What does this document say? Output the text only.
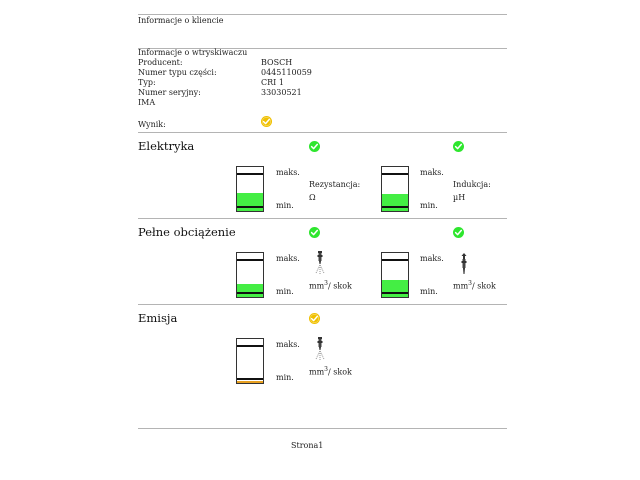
Informacje o kliencie
Informacje o wtryskiwaczu
Producent:	BOSCH
Numer typu części:	0445110059
Typ:	CRI 1
Numer seryjny:	33030521
IMA
Wynik:
Elektryka
maks.
min.
Rezystancja:
Ω
maks.
min.
Indukcja:
µH
Pełne obciążenie
maks.
min.
$mm^3/$ skok
maks.
min.
$mm^3/$ skok
Emisja
maks.
min.
$mm^3/$ skok
Strona1
